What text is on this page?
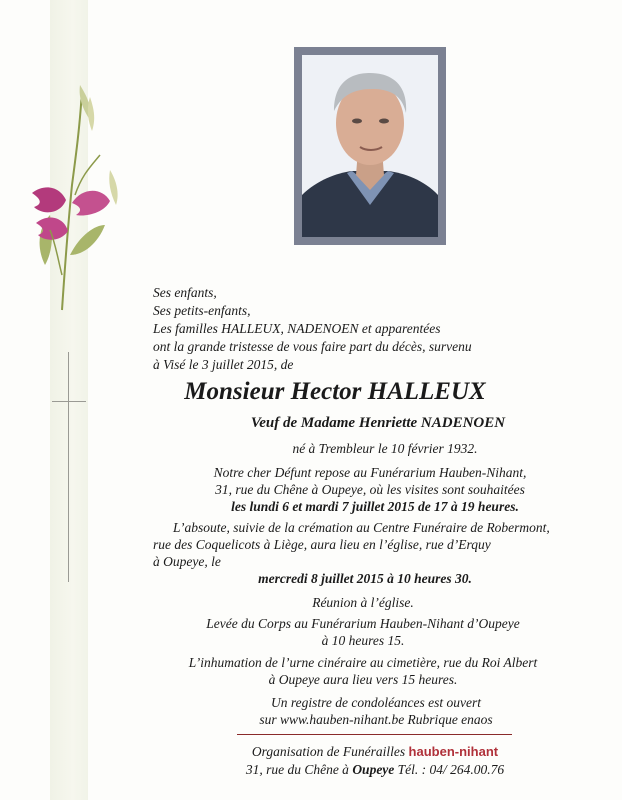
Ses enfants,
Ses petits-enfants,
Les familles HALLEUX, NADENOEN et apparentées
ont la grande tristesse de vous faire part du décès, survenu
à Visé le 3 juillet 2015, de
Monsieur Hector HALLEUX
Veuf de Madame Henriette NADENOEN
né à Trembleur le 10 février 1932.
Notre cher Défunt repose au Funérarium Hauben-Nihant,
31, rue du Chêne à Oupeye, où les visites sont souhaitées
les lundi 6 et mardi 7 juillet 2015 de 17 à 19 heures.
L’absoute, suivie de la crémation au Centre Funéraire de Robermont,
rue des Coquelicots à Liège, aura lieu en l’église, rue d’Erquy
à Oupeye, le
mercredi 8 juillet 2015 à 10 heures 30.
Réunion à l’église.
Levée du Corps au Funérarium Hauben-Nihant d’Oupeye
à 10 heures 15.
L’inhumation de l’urne cinéraire au cimetière, rue du Roi Albert
à Oupeye aura lieu vers 15 heures.
Un registre de condoléances est ouvert
sur www.hauben-nihant.be Rubrique enaos
Organisation de Funérailles hauben-nihant
31, rue du Chêne à Oupeye Tél. : 04/ 264.00.76
